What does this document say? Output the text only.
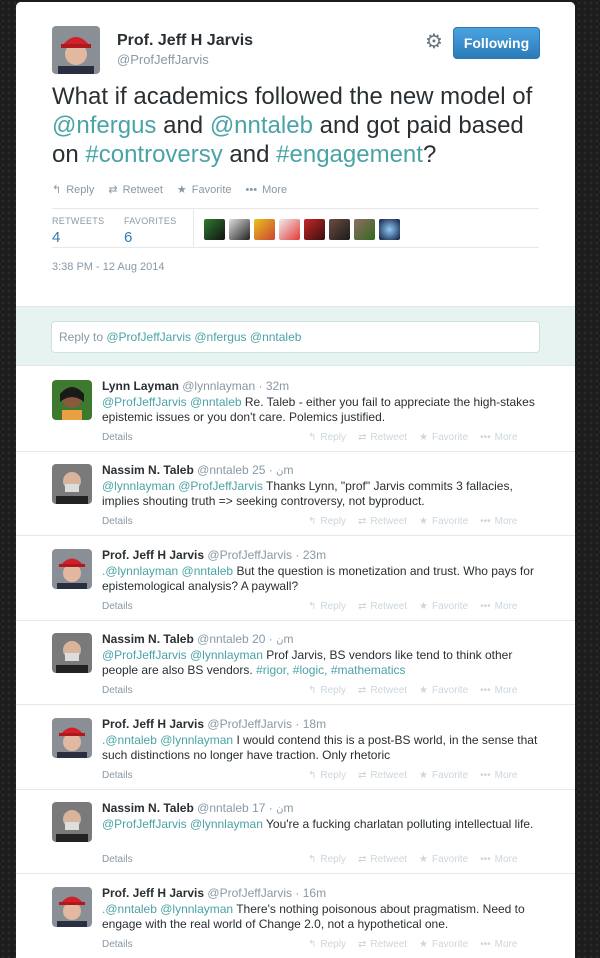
Prof. Jeff H Jarvis
@ProfJeffJarvis
⚙	Following
What if academics followed the new model of @nfergus and @nntaleb and got paid based on #controversy and #engagement?
↰ Reply ⇄ Retweet ★ Favorite ••• More
RETWEETS
4
FAVORITES
6
3:38 PM - 12 Aug 2014
Reply to @ProfJeffJarvis @nfergus @nntaleb
Lynn Layman @lynnlayman · 32m
@ProfJeffJarvis @nntaleb Re. Taleb - either you fail to appreciate the high-stakes epistemic issues or you don't care. Polemics justified.
Details	↰ Reply ⇄ Retweet ★ Favorite ••• More
Nassim N. Taleb @nntaleb	ن · 25m
@lynnlayman @ProfJeffJarvis Thanks Lynn, "prof" Jarvis commits 3 fallacies, implies shouting truth => seeking controversy, not byproduct.
Details	↰ Reply ⇄ Retweet ★ Favorite ••• More
Prof. Jeff H Jarvis @ProfJeffJarvis · 23m
.@lynnlayman @nntaleb But the question is monetization and trust. Who pays for epistemological analysis? A paywall?
Details	↰ Reply ⇄ Retweet ★ Favorite ••• More
Nassim N. Taleb @nntaleb	ن · 20m
@ProfJeffJarvis @lynnlayman Prof Jarvis, BS vendors like tend to think other people are also BS vendors. #rigor, #logic, #mathematics
Details	↰ Reply ⇄ Retweet ★ Favorite ••• More
Prof. Jeff H Jarvis @ProfJeffJarvis · 18m
.@nntaleb @lynnlayman I would contend this is a post-BS world, in the sense that such distinctions no longer have traction. Only rhetoric
Details	↰ Reply ⇄ Retweet ★ Favorite ••• More
Nassim N. Taleb @nntaleb	ن · 17m
@ProfJeffJarvis @lynnlayman You're a fucking charlatan polluting intellectual life.
Details	↰ Reply ⇄ Retweet ★ Favorite ••• More
Prof. Jeff H Jarvis @ProfJeffJarvis · 16m
.@nntaleb @lynnlayman There's nothing poisonous about pragmatism. Need to engage with the real world of Change 2.0, not a hypothetical one.
Details	↰ Reply ⇄ Retweet ★ Favorite ••• More
